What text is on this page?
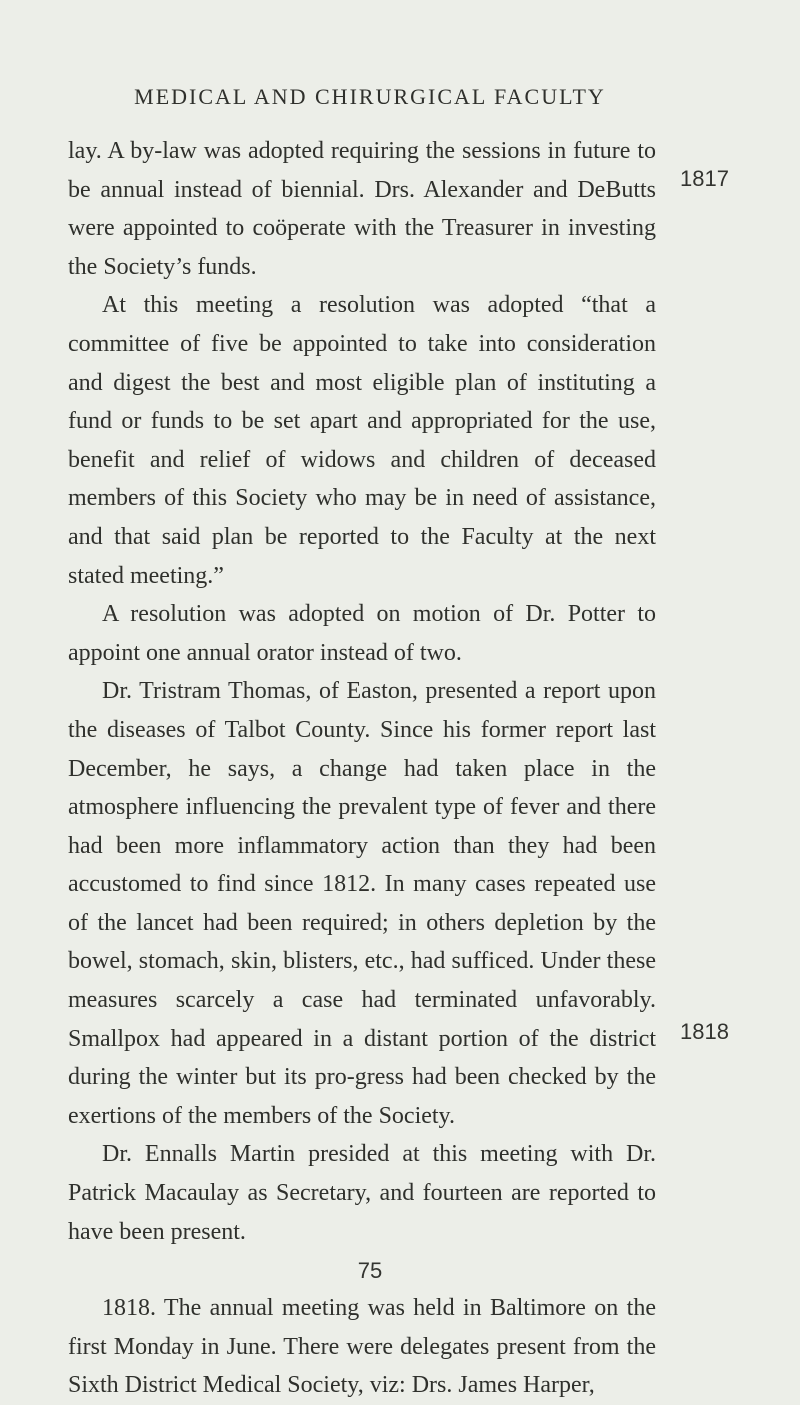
MEDICAL AND CHIRURGICAL FACULTY
1817
1818

lay. A by-law was adopted requiring the sessions in future to be annual instead of biennial. Drs. Alexander and DeButts were appointed to coöperate with the Treasurer in investing the Society’s funds.

At this meeting a resolution was adopted “that a committee of five be appointed to take into consideration and digest the best and most eligible plan of instituting a fund or funds to be set apart and appropriated for the use, benefit and relief of widows and children of deceased members of this Society who may be in need of assistance, and that said plan be reported to the Faculty at the next stated meeting.”

A resolution was adopted on motion of Dr. Potter to appoint one annual orator instead of two.

Dr. Tristram Thomas, of Easton, presented a report upon the diseases of Talbot County. Since his former report last December, he says, a change had taken place in the atmosphere influencing the prevalent type of fever and there had been more inflammatory action than they had been accustomed to find since 1812. In many cases repeated use of the lancet had been required; in others depletion by the bowel, stomach, skin, blisters, etc., had sufficed. Under these measures scarcely a case had terminated unfavorably. Smallpox had appeared in a distant portion of the district during the winter but its pro-gress had been checked by the exertions of the members of the Society.

Dr. Ennalls Martin presided at this meeting with Dr. Patrick Macaulay as Secretary, and fourteen are reported to have been present.

1818. The annual meeting was held in Baltimore on the first Monday in June. There were delegates present from the Sixth District Medical Society, viz: Drs. James Harper,

75
